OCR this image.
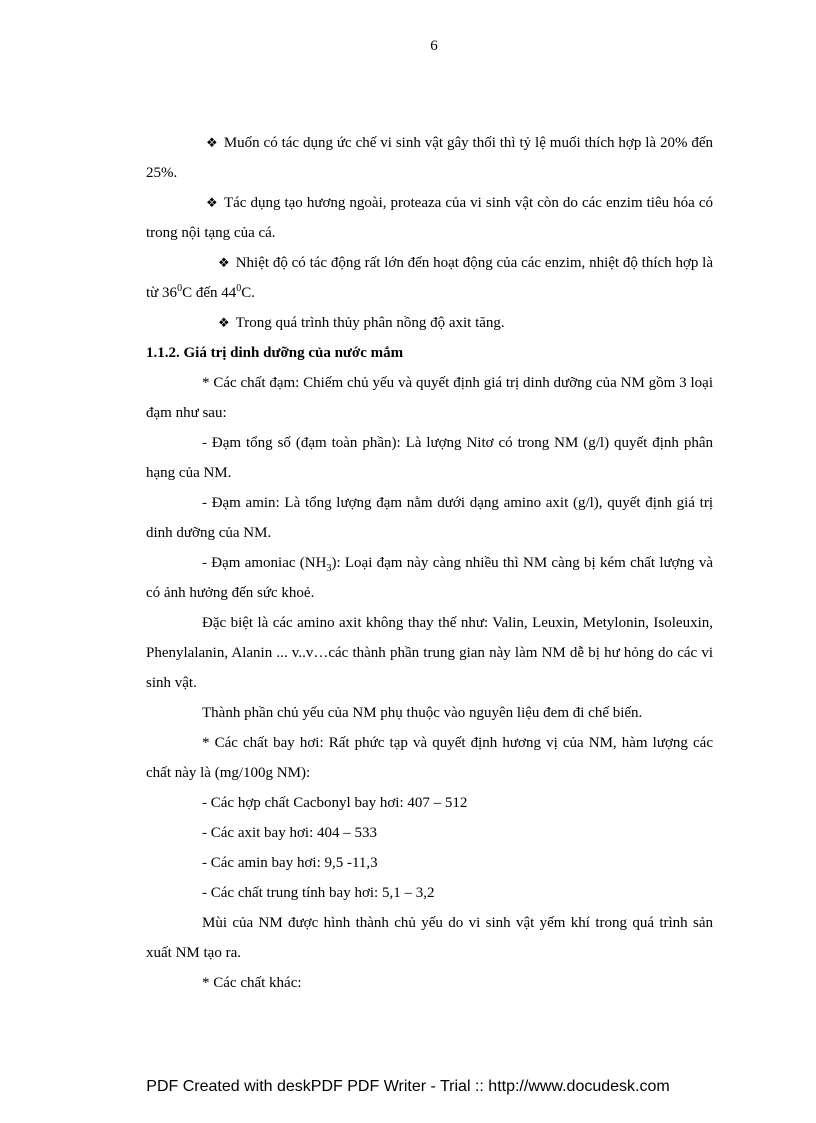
6

❖ Muốn có tác dụng ức chế vi sinh vật gây thối thì tỷ lệ muối thích hợp là 20% đến 25%.

❖ Tác dụng tạo hương ngoài, proteaza của vi sinh vật còn do các enzim tiêu hóa có trong nội tạng của cá.

❖ Nhiệt độ có tác động rất lớn đến hoạt động của các enzim, nhiệt độ thích hợp là từ $36^0C$ đến $44^0C$.

❖ Trong quá trình thủy phân nồng độ axit tăng.

1.1.2. Giá trị dinh dưỡng của nước mắm

* Các chất đạm: Chiếm chủ yếu và quyết định giá trị dinh dưỡng của NM gồm 3 loại đạm như sau:

- Đạm tổng số (đạm toàn phần): Là lượng Nitơ có trong NM (g/l) quyết định phân hạng của NM.

- Đạm amin: Là tổng lượng đạm nằm dưới dạng amino axit (g/l), quyết định giá trị dinh dưỡng của NM.

- Đạm amoniac $(NH_3)$: Loại đạm này càng nhiều thì NM càng bị kém chất lượng và có ảnh hưởng đến sức khoẻ.

Đặc biệt là các amino axit không thay thế như: Valin, Leuxin, Metylonin, Isoleuxin, Phenylalanin, Alanin ... v..v…các thành phần trung gian này làm NM dễ bị hư hỏng do các vi sinh vật.

Thành phần chủ yếu của NM phụ thuộc vào nguyên liệu đem đi chế biến.

* Các chất bay hơi: Rất phức tạp và quyết định hương vị của NM, hàm lượng các chất này là (mg/100g NM):

- Các hợp chất Cacbonyl bay hơi: 407 – 512

- Các axit bay hơi: 404 – 533

- Các amin bay hơi: 9,5 -11,3

- Các chất trung tính bay hơi: 5,1 – 3,2

Mùi của NM được hình thành chủ yếu do vi sinh vật yếm khí trong quá trình sản xuất NM tạo ra.

* Các chất khác:

PDF Created with deskPDF PDF Writer - Trial :: http://www.docudesk.com
